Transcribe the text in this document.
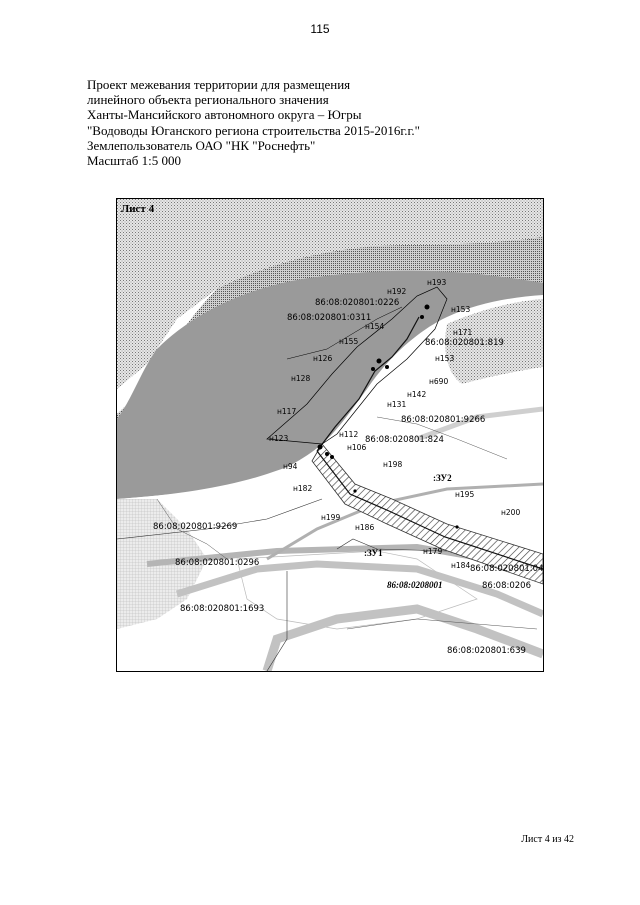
115
Проект межевания территории для размещения
линейного объекта регионального значения
Ханты-Мансийского автономного округа – Югры
"Водоводы Юганского региона строительства 2015-2016г.г."
Землепользователь ОАО "НК "Роснефть"
Масштаб 1:5 000
Лист 4
86:08:020801:0226
86:08:020801:0311
86:08:020801:819
86:08:020801:9266
86:08:020801:824
86:08:020801:9269
86:08:020801:0296
86:08:020801:1693
86:08:020801:04
86:08:0206
86:08:020801:639
86:08:0208001
:ЗУ1
:ЗУ2
н192
н193
н153
н171
н154
н155
н126
н128
н153
н690
н142
н117
н131
н112
н106
н123
н94	н198
н182
н195
н200
н199
н186
н179
н184
Лист 4 из 42
